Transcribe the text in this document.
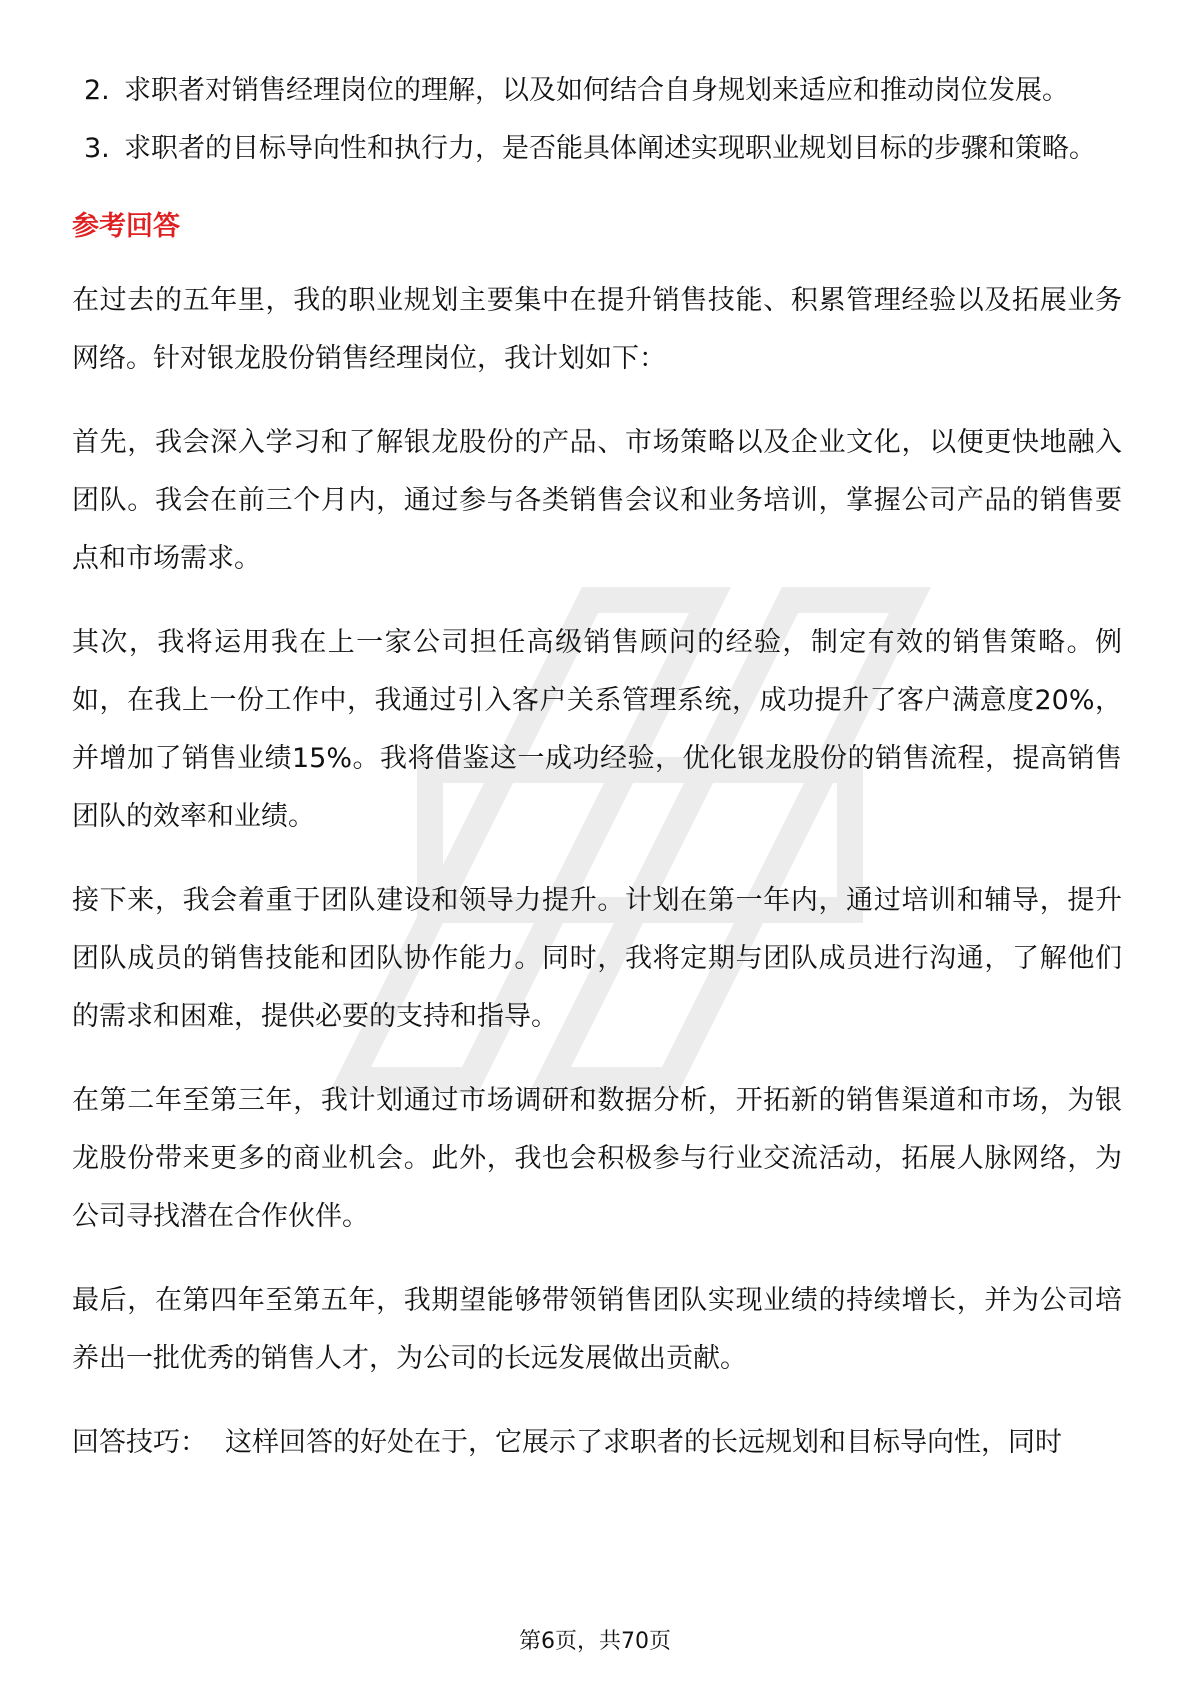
2. 求职者对销售经理岗位的理解，以及如何结合自身规划来适应和推动岗位发展。
3. 求职者的目标导向性和执行力，是否能具体阐述实现职业规划目标的步骤和策略。
参考回答

在过去的五年里，我的职业规划主要集中在提升销售技能、积累管理经验以及拓展业务网络。针对银龙股份销售经理岗位，我计划如下：

首先，我会深入学习和了解银龙股份的产品、市场策略以及企业文化，以便更快地融入团队。我会在前三个月内，通过参与各类销售会议和业务培训，掌握公司产品的销售要点和市场需求。

其次，我将运用我在上一家公司担任高级销售顾问的经验，制定有效的销售策略。例如，在我上一份工作中，我通过引入客户关系管理系统，成功提升了客户满意度20%，并增加了销售业绩15%。我将借鉴这一成功经验，优化银龙股份的销售流程，提高销售团队的效率和业绩。

接下来，我会着重于团队建设和领导力提升。计划在第一年内，通过培训和辅导，提升团队成员的销售技能和团队协作能力。同时，我将定期与团队成员进行沟通，了解他们的需求和困难，提供必要的支持和指导。

在第二年至第三年，我计划通过市场调研和数据分析，开拓新的销售渠道和市场，为银龙股份带来更多的商业机会。此外，我也会积极参与行业交流活动，拓展人脉网络，为公司寻找潜在合作伙伴。

最后，在第四年至第五年，我期望能够带领销售团队实现业绩的持续增长，并为公司培养出一批优秀的销售人才，为公司的长远发展做出贡献。

回答技巧： 这样回答的好处在于，它展示了求职者的长远规划和目标导向性，同时

第6页，共70页
